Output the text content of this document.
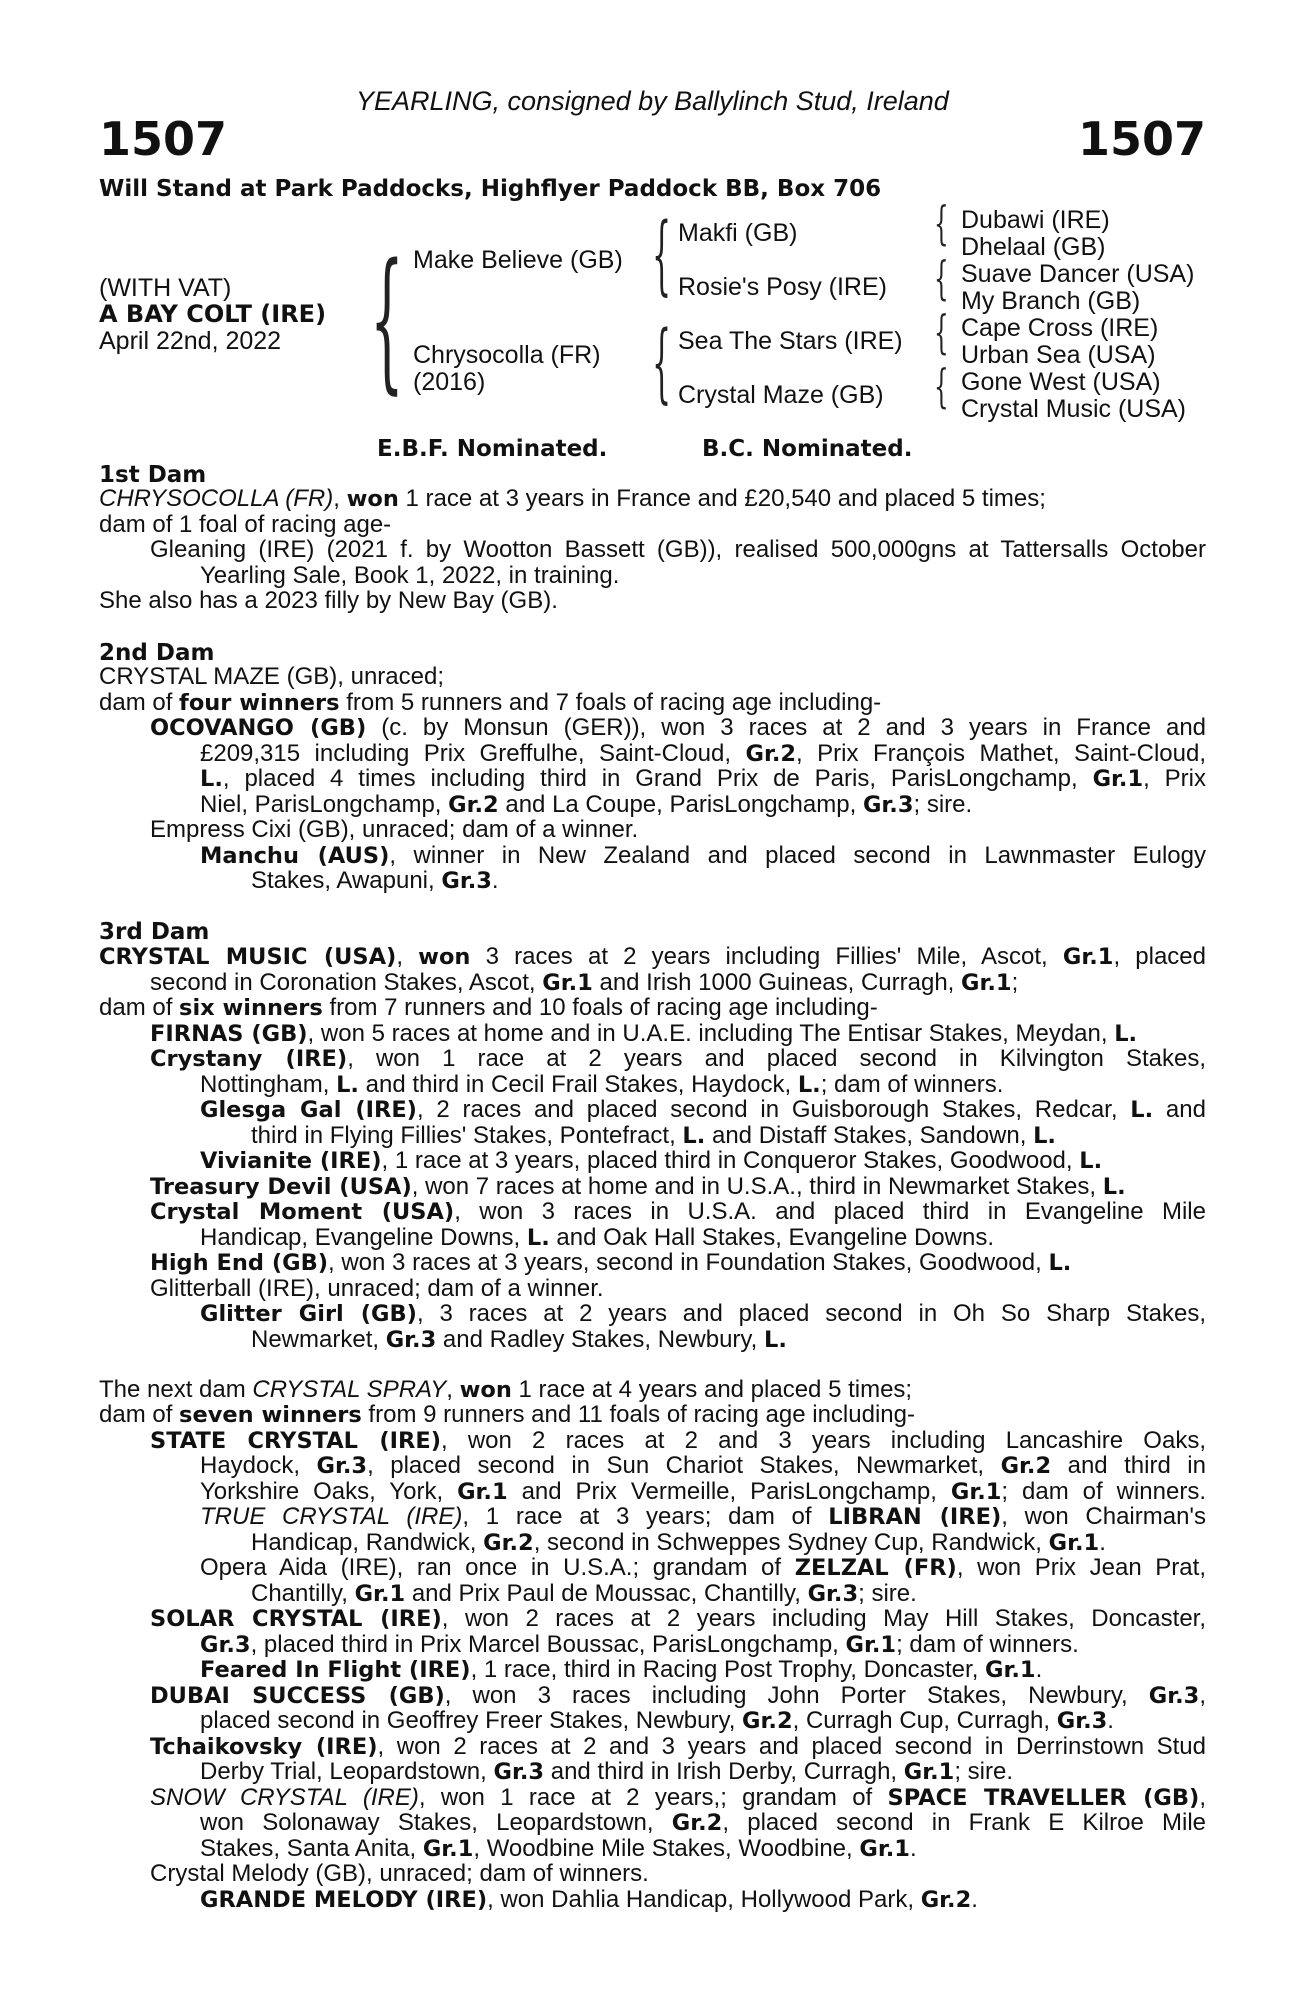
YEARLING, consigned by Ballylinch Stud, Ireland
1507	1507
Will Stand at Park Paddocks, Highflyer Paddock BB, Box 706
(WITH VAT)
A BAY COLT (IRE)
April 22nd, 2022 { Make Believe (GB)
Chrysocolla (FR)
(2016)
{
{
Makfi (GB)
Rosie's Posy (IRE)
Sea The Stars (IRE)
Crystal Maze (GB)
{
{
{
{
Dubawi (IRE)
Dhelaal (GB)
Suave Dancer (USA)
My Branch (GB)
Cape Cross (IRE)
Urban Sea (USA)
Gone West (USA)
Crystal Music (USA)
E.B.F. Nominated.	B.C. Nominated.
1st Dam
CHRYSOCOLLA (FR), won 1 race at 3 years in France and £20,540 and placed 5 times;
dam of 1 foal of racing age-
Gleaning (IRE) (2021 f. by Wootton Bassett (GB)), realised 500,000gns at Tattersalls October
Yearling Sale, Book 1, 2022, in training.
She also has a 2023 filly by New Bay (GB).
2nd Dam
CRYSTAL MAZE (GB), unraced;
dam of four winners from 5 runners and 7 foals of racing age including-
OCOVANGO (GB) (c. by Monsun (GER)), won 3 races at 2 and 3 years in France and
£209,315 including Prix Greffulhe, Saint-Cloud, Gr.2, Prix François Mathet, Saint-Cloud,
L., placed 4 times including third in Grand Prix de Paris, ParisLongchamp, Gr.1, Prix
Niel, ParisLongchamp, Gr.2 and La Coupe, ParisLongchamp, Gr.3; sire.
Empress Cixi (GB), unraced; dam of a winner.
Manchu (AUS), winner in New Zealand and placed second in Lawnmaster Eulogy
Stakes, Awapuni, Gr.3.
3rd Dam
CRYSTAL MUSIC (USA), won 3 races at 2 years including Fillies' Mile, Ascot, Gr.1, placed
second in Coronation Stakes, Ascot, Gr.1 and Irish 1000 Guineas, Curragh, Gr.1;
dam of six winners from 7 runners and 10 foals of racing age including-
FIRNAS (GB), won 5 races at home and in U.A.E. including The Entisar Stakes, Meydan, L.
Crystany (IRE), won 1 race at 2 years and placed second in Kilvington Stakes,
Nottingham, L. and third in Cecil Frail Stakes, Haydock, L.; dam of winners.
Glesga Gal (IRE), 2 races and placed second in Guisborough Stakes, Redcar, L. and
third in Flying Fillies' Stakes, Pontefract, L. and Distaff Stakes, Sandown, L.
Vivianite (IRE), 1 race at 3 years, placed third in Conqueror Stakes, Goodwood, L.
Treasury Devil (USA), won 7 races at home and in U.S.A., third in Newmarket Stakes, L.
Crystal Moment (USA), won 3 races in U.S.A. and placed third in Evangeline Mile
Handicap, Evangeline Downs, L. and Oak Hall Stakes, Evangeline Downs.
High End (GB), won 3 races at 3 years, second in Foundation Stakes, Goodwood, L.
Glitterball (IRE), unraced; dam of a winner.
Glitter Girl (GB), 3 races at 2 years and placed second in Oh So Sharp Stakes,
Newmarket, Gr.3 and Radley Stakes, Newbury, L.
The next dam CRYSTAL SPRAY, won 1 race at 4 years and placed 5 times;
dam of seven winners from 9 runners and 11 foals of racing age including-
STATE CRYSTAL (IRE), won 2 races at 2 and 3 years including Lancashire Oaks,
Haydock, Gr.3, placed second in Sun Chariot Stakes, Newmarket, Gr.2 and third in
Yorkshire Oaks, York, Gr.1 and Prix Vermeille, ParisLongchamp, Gr.1; dam of winners.
TRUE CRYSTAL (IRE), 1 race at 3 years; dam of LIBRAN (IRE), won Chairman's
Handicap, Randwick, Gr.2, second in Schweppes Sydney Cup, Randwick, Gr.1.
Opera Aida (IRE), ran once in U.S.A.; grandam of ZELZAL (FR), won Prix Jean Prat,
Chantilly, Gr.1 and Prix Paul de Moussac, Chantilly, Gr.3; sire.
SOLAR CRYSTAL (IRE), won 2 races at 2 years including May Hill Stakes, Doncaster,
Gr.3, placed third in Prix Marcel Boussac, ParisLongchamp, Gr.1; dam of winners.
Feared In Flight (IRE), 1 race, third in Racing Post Trophy, Doncaster, Gr.1.
DUBAI SUCCESS (GB), won 3 races including John Porter Stakes, Newbury, Gr.3,
placed second in Geoffrey Freer Stakes, Newbury, Gr.2, Curragh Cup, Curragh, Gr.3.
Tchaikovsky (IRE), won 2 races at 2 and 3 years and placed second in Derrinstown Stud
Derby Trial, Leopardstown, Gr.3 and third in Irish Derby, Curragh, Gr.1; sire.
SNOW CRYSTAL (IRE), won 1 race at 2 years,; grandam of SPACE TRAVELLER (GB),
won Solonaway Stakes, Leopardstown, Gr.2, placed second in Frank E Kilroe Mile
Stakes, Santa Anita, Gr.1, Woodbine Mile Stakes, Woodbine, Gr.1.
Crystal Melody (GB), unraced; dam of winners.
GRANDE MELODY (IRE), won Dahlia Handicap, Hollywood Park, Gr.2.
